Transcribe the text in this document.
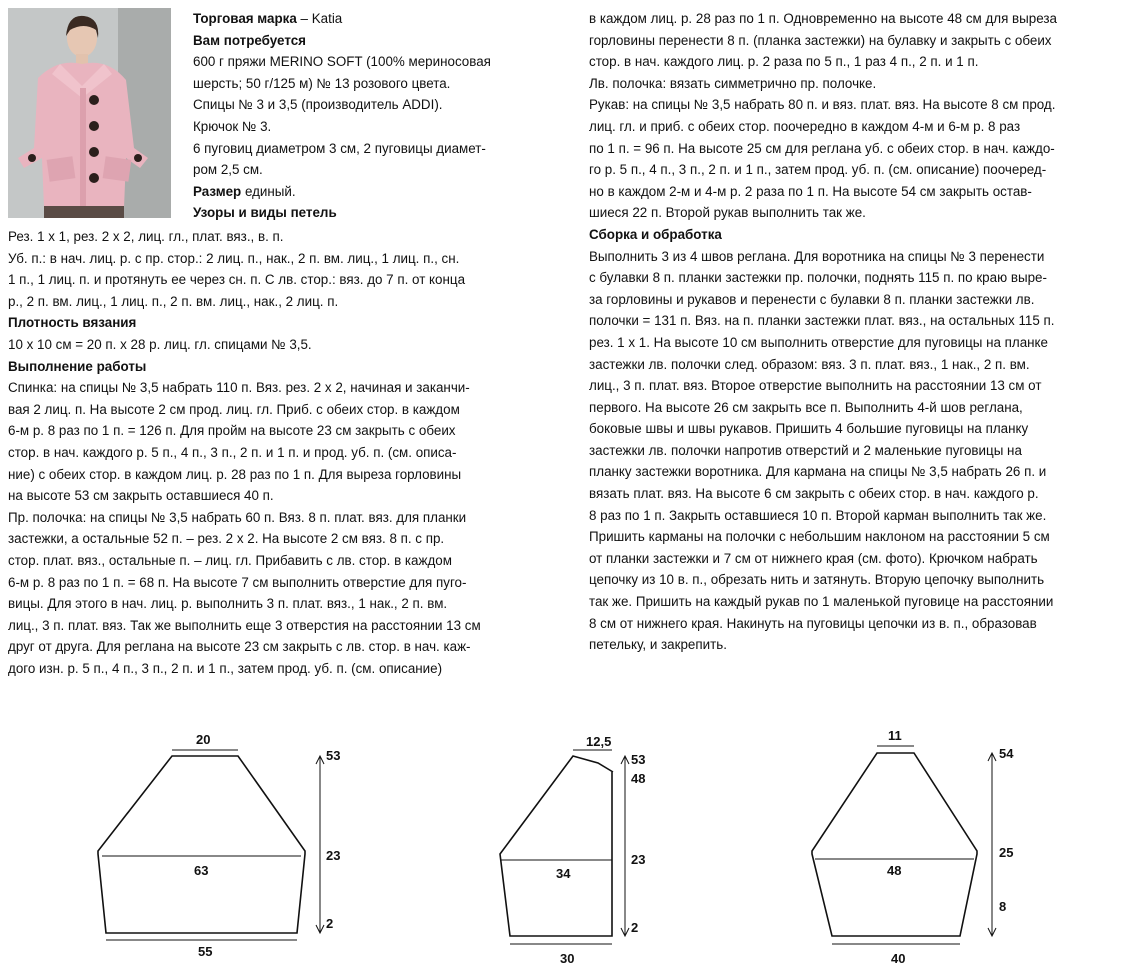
Торговая марка – Katia

Вам потребуется

600 г пряжи MERINO SOFT (100% мериносовая

шерсть; 50 г/125 м) № 13 розового цвета.

Спицы № 3 и 3,5 (производитель ADDI).

Крючок № 3.

6 пуговиц диаметром 3 см, 2 пуговицы диамет-

ром 2,5 см.

Размер единый.

Узоры и виды петель

Рез. 1 х 1, рез. 2 х 2, лиц. гл., плат. вяз., в. п.

Уб. п.: в нач. лиц. р. с пр. стор.: 2 лиц. п., нак., 2 п. вм. лиц., 1 лиц. п., сн.

1 п., 1 лиц. п. и протянуть ее через сн. п. С лв. стор.: вяз. до 7 п. от конца

р., 2 п. вм. лиц., 1 лиц. п., 2 п. вм. лиц., нак., 2 лиц. п.

Плотность вязания

10 х 10 см = 20 п. х 28 р. лиц. гл. спицами № 3,5.

Выполнение работы

Спинка: на спицы № 3,5 набрать 110 п. Вяз. рез. 2 х 2, начиная и заканчи-

вая 2 лиц. п. На высоте 2 см прод. лиц. гл. Приб. с обеих стор. в каждом

6-м р. 8 раз по 1 п. = 126 п. Для пройм на высоте 23 см закрыть с обеих

стор. в нач. каждого р. 5 п., 4 п., 3 п., 2 п. и 1 п. и прод. уб. п. (см. описа-

ние) с обеих стор. в каждом лиц. р. 28 раз по 1 п. Для выреза горловины

на высоте 53 см закрыть оставшиеся 40 п.

Пр. полочка: на спицы № 3,5 набрать 60 п. Вяз. 8 п. плат. вяз. для планки

застежки, а остальные 52 п. – рез. 2 х 2. На высоте 2 см вяз. 8 п. с пр.

стор. плат. вяз., остальные п. – лиц. гл. Прибавить с лв. стор. в каждом

6-м р. 8 раз по 1 п. = 68 п. На высоте 7 см выполнить отверстие для пуго-

вицы. Для этого в нач. лиц. р. выполнить 3 п. плат. вяз., 1 нак., 2 п. вм.

лиц., 3 п. плат. вяз. Так же выполнить еще 3 отверстия на расстоянии 13 см

друг от друга. Для реглана на высоте 23 см закрыть с лв. стор. в нач. каж-

дого изн. р. 5 п., 4 п., 3 п., 2 п. и 1 п., затем прод. уб. п. (см. описание)

в каждом лиц. р. 28 раз по 1 п. Одновременно на высоте 48 см для выреза

горловины перенести 8 п. (планка застежки) на булавку и закрыть с обеих

стор. в нач. каждого лиц. р. 2 раза по 5 п., 1 раз 4 п., 2 п. и 1 п.

Лв. полочка: вязать симметрично пр. полочке.

Рукав: на спицы № 3,5 набрать 80 п. и вяз. плат. вяз. На высоте 8 см прод.

лиц. гл. и приб. с обеих стор. поочередно в каждом 4-м и 6-м р. 8 раз

по 1 п. = 96 п. На высоте 25 см для реглана уб. с обеих стор. в нач. каждо-

го р. 5 п., 4 п., 3 п., 2 п. и 1 п., затем прод. уб. п. (см. описание) поочеред-

но в каждом 2-м и 4-м р. 2 раза по 1 п. На высоте 54 см закрыть остав-

шиеся 22 п. Второй рукав выполнить так же.

Сборка и обработка

Выполнить 3 из 4 швов реглана. Для воротника на спицы № 3 перенести

с булавки 8 п. планки застежки пр. полочки, поднять 115 п. по краю выре-

за горловины и рукавов и перенести с булавки 8 п. планки застежки лв.

полочки = 131 п. Вяз. на п. планки застежки плат. вяз., на остальных 115 п.

рез. 1 х 1. На высоте 10 см выполнить отверстие для пуговицы на планке

застежки лв. полочки след. образом: вяз. 3 п. плат. вяз., 1 нак., 2 п. вм.

лиц., 3 п. плат. вяз. Второе отверстие выполнить на расстоянии 13 см от

первого. На высоте 26 см закрыть все п. Выполнить 4-й шов реглана,

боковые швы и швы рукавов. Пришить 4 большие пуговицы на планку

застежки лв. полочки напротив отверстий и 2 маленькие пуговицы на

планку застежки воротника. Для кармана на спицы № 3,5 набрать 26 п. и

вязать плат. вяз. На высоте 6 см закрыть с обеих стор. в нач. каждого р.

8 раз по 1 п. Закрыть оставшиеся 10 п. Второй карман выполнить так же.

Пришить карманы на полочки с небольшим наклоном на расстоянии 5 см

от планки застежки и 7 см от нижнего края (см. фото). Крючком набрать

цепочку из 10 в. п., обрезать нить и затянуть. Вторую цепочку выполнить

так же. Пришить на каждый рукав по 1 маленькой пуговице на расстоянии

8 см от нижнего края. Накинуть на пуговицы цепочки из в. п., образовав

петельку, и закрепить.

20
63
55
53
23
2
12,5
34
30
53
48
23
2
11
48
40
54
25
8
